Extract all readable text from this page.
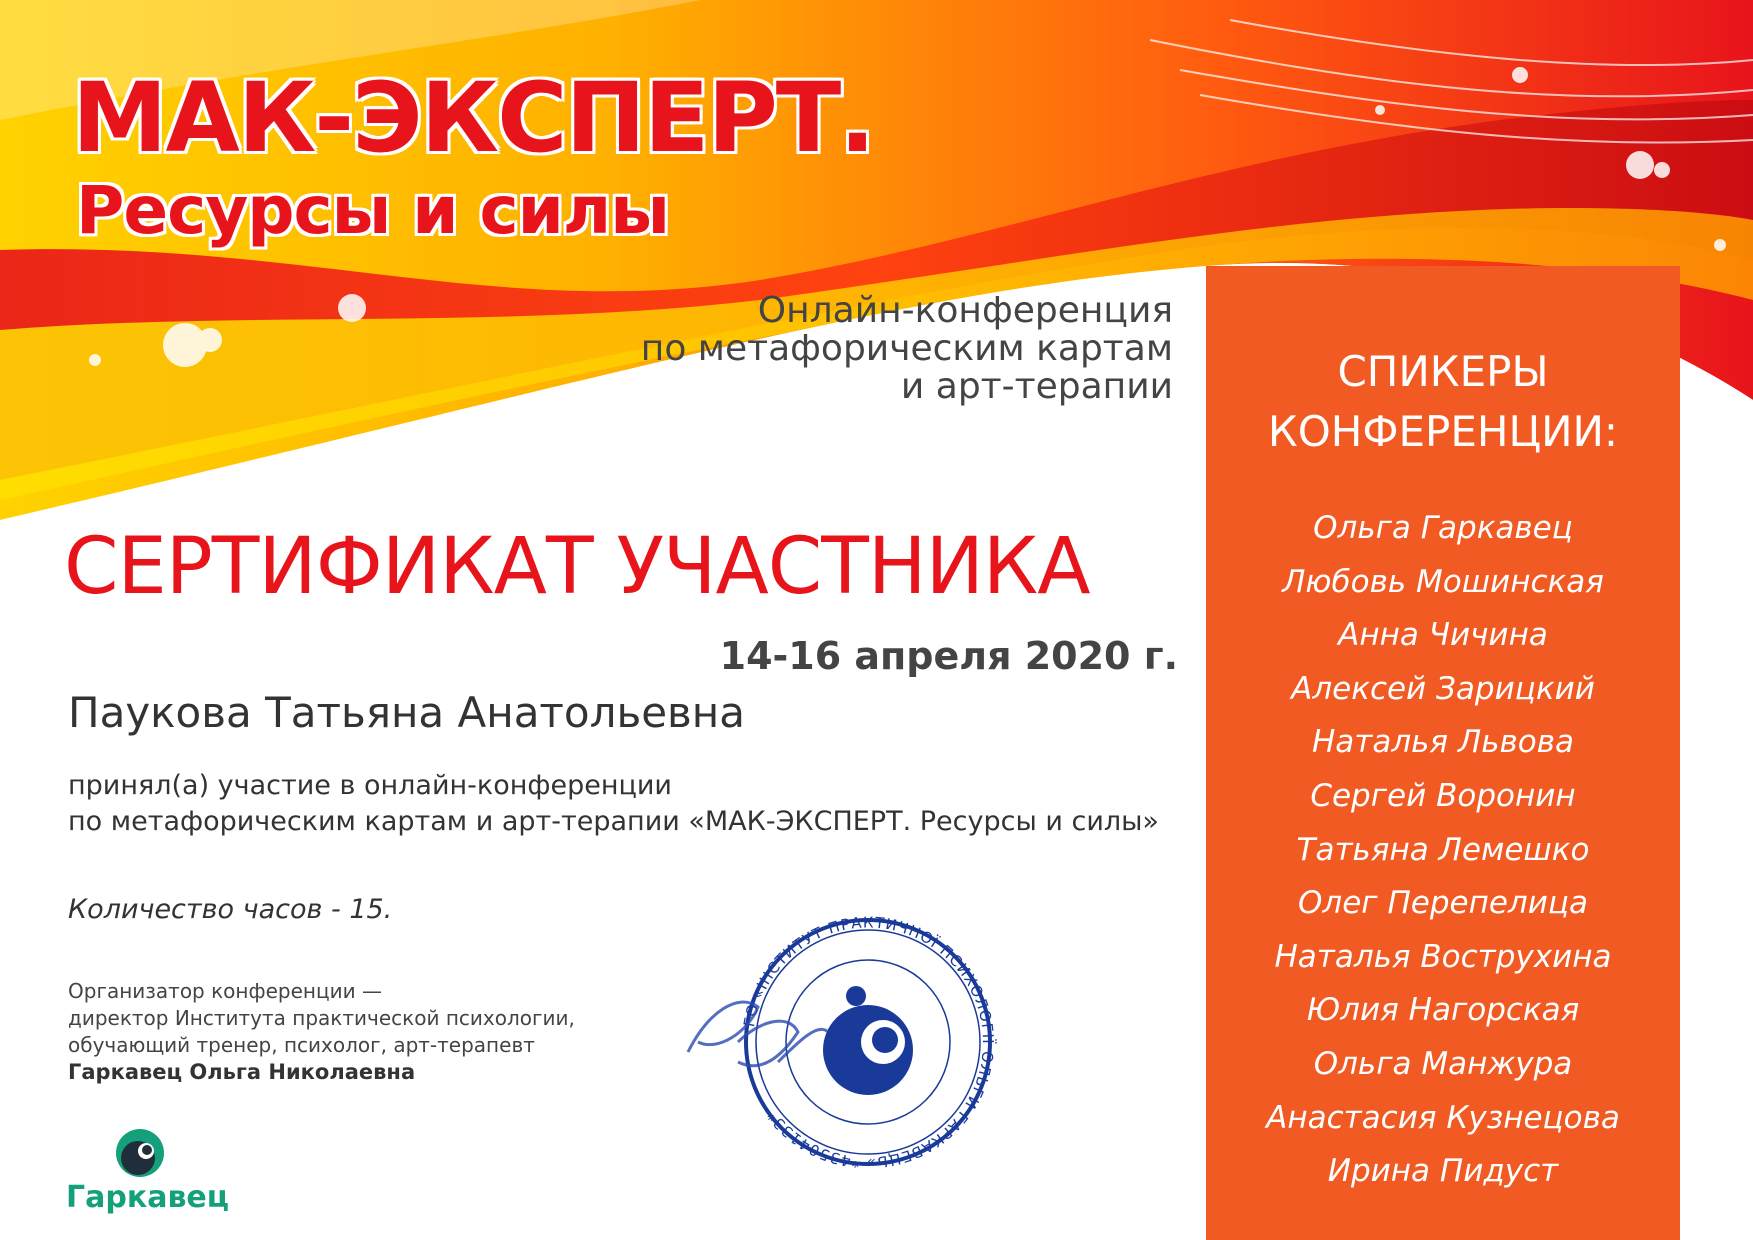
МАК-ЭКСПЕРТ.
Ресурсы и силы
Онлайн-конференция
по метафорическим картам
и арт-терапии
СЕРТИФИКАТ УЧАСТНИКА
14-16 апреля 2020 г.
Паукова Татьяна Анатольевна
принял(а) участие в онлайн-конференции
по метафорическим картам и арт-терапии «МАК-ЭКСПЕРТ. Ресурсы и силы»
Количество часов - 15.
Организатор конференции —
директор Института практической психологии,
обучающий тренер, психолог, арт-терапевт
Гаркавец Ольга Николаевна
СПИКЕРЫ
КОНФЕРЕНЦИИ:
Ольга Гаркавец
Любовь Мошинская
Анна Чичина
Алексей Зарицкий
Наталья Львова
Сергей Воронин
Татьяна Лемешко
Олег Перепелица
Наталья Вострухина
Юлия Нагорская
Ольга Манжура
Анастасия Кузнецова
Ирина Пидуст
ГО «ІНСТИТУТ ПРАКТИЧНОЇ ПСИХОЛОГІЇ ОЛЬГИ ГАРКАВЕЦЬ» *43504133*
Гаркавец
